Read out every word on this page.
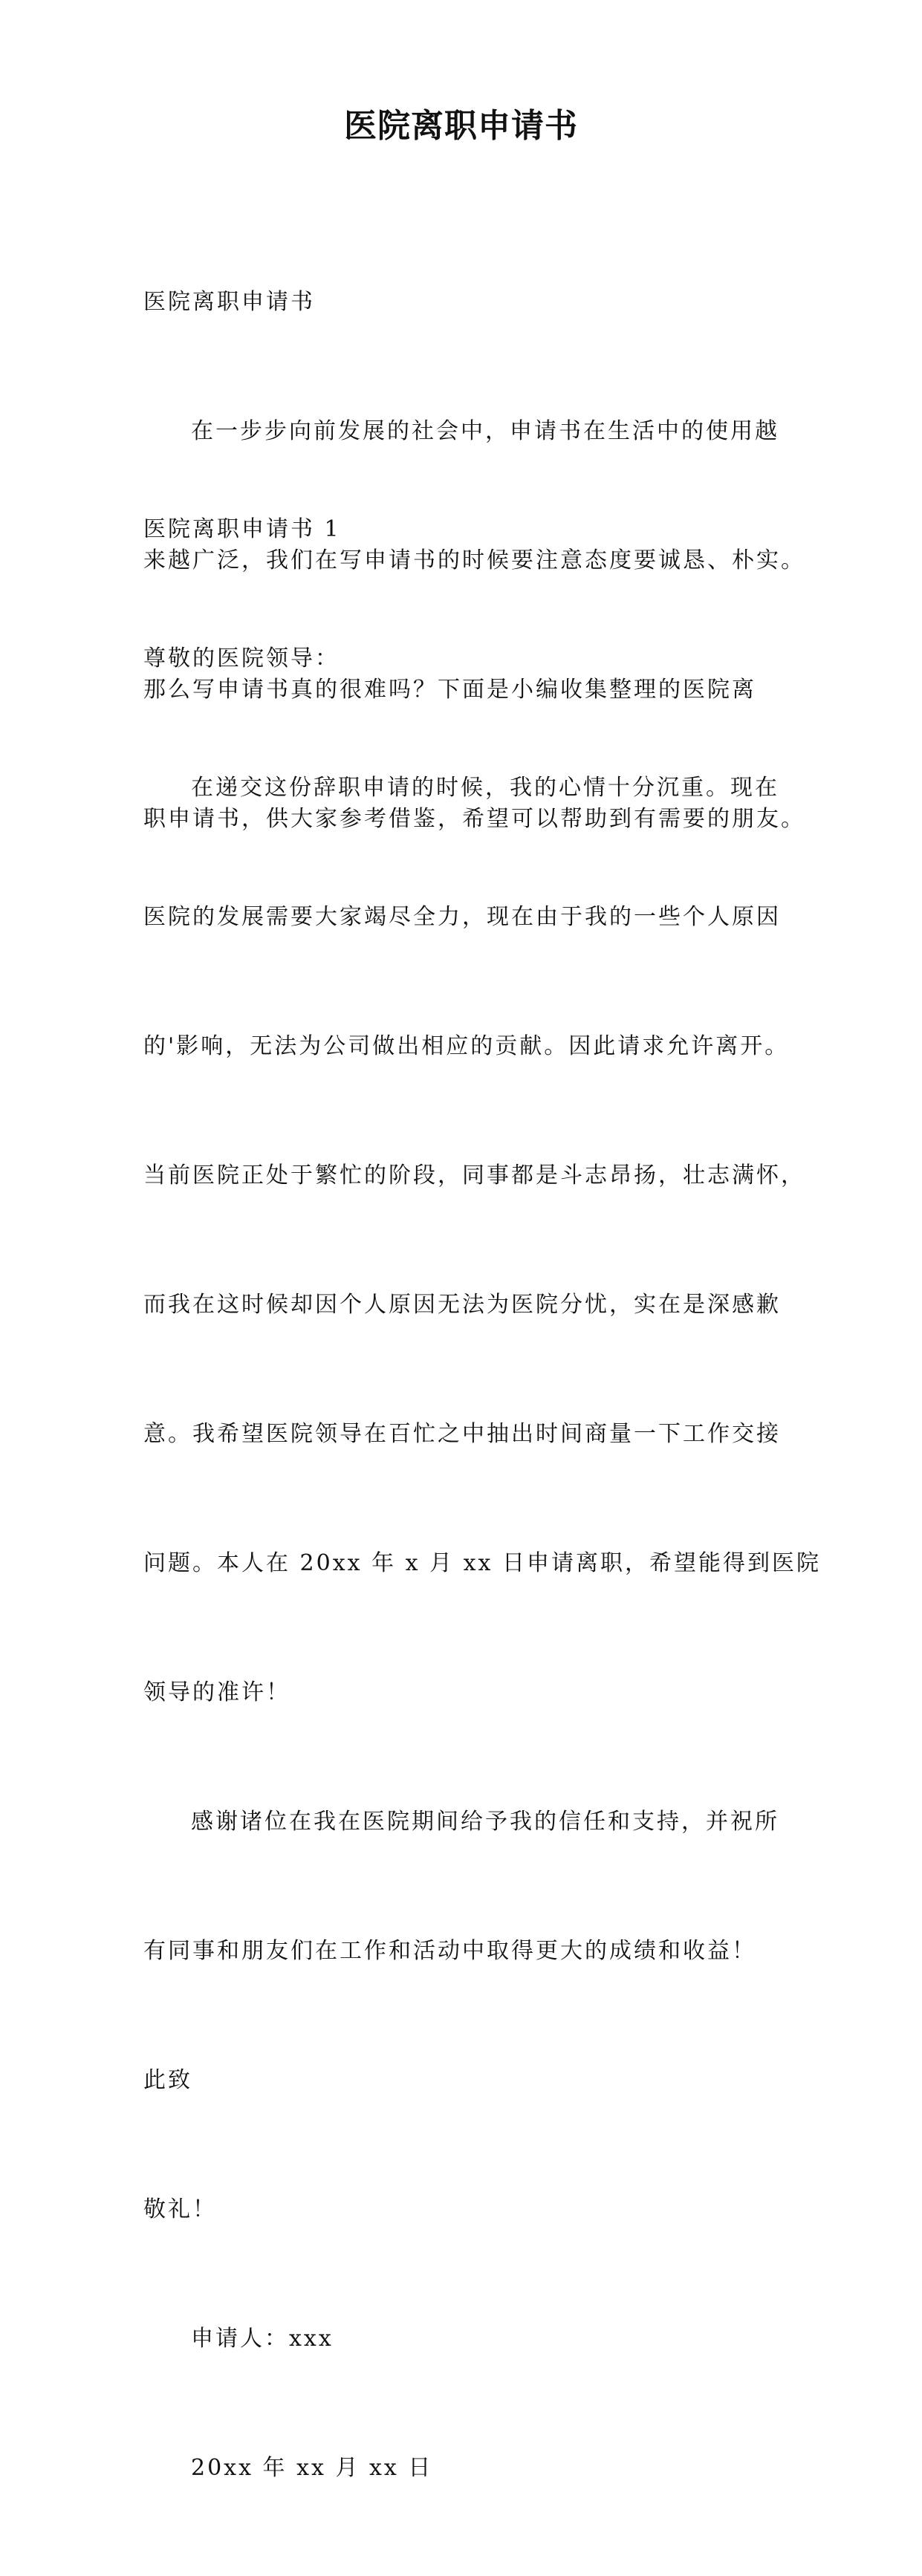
医院离职申请书

医院离职申请书

在一步步向前发展的社会中，申请书在生活中的使用越

来越广泛，我们在写申请书的时候要注意态度要诚恳、朴实。

那么写申请书真的很难吗？下面是小编收集整理的医院离

职申请书，供大家参考借鉴，希望可以帮助到有需要的朋友。

医院离职申请书 1

尊敬的医院领导：

在递交这份辞职申请的时候，我的心情十分沉重。现在

医院的发展需要大家竭尽全力，现在由于我的一些个人原因

的'影响，无法为公司做出相应的贡献。因此请求允许离开。

当前医院正处于繁忙的阶段，同事都是斗志昂扬，壮志满怀，

而我在这时候却因个人原因无法为医院分忧，实在是深感歉

意。我希望医院领导在百忙之中抽出时间商量一下工作交接

问题。本人在 20xx 年 x 月 xx 日申请离职，希望能得到医院

领导的准许！

感谢诸位在我在医院期间给予我的信任和支持，并祝所

有同事和朋友们在工作和活动中取得更大的成绩和收益！

此致

敬礼！

申请人：xxx

20xx 年 xx 月 xx 日
